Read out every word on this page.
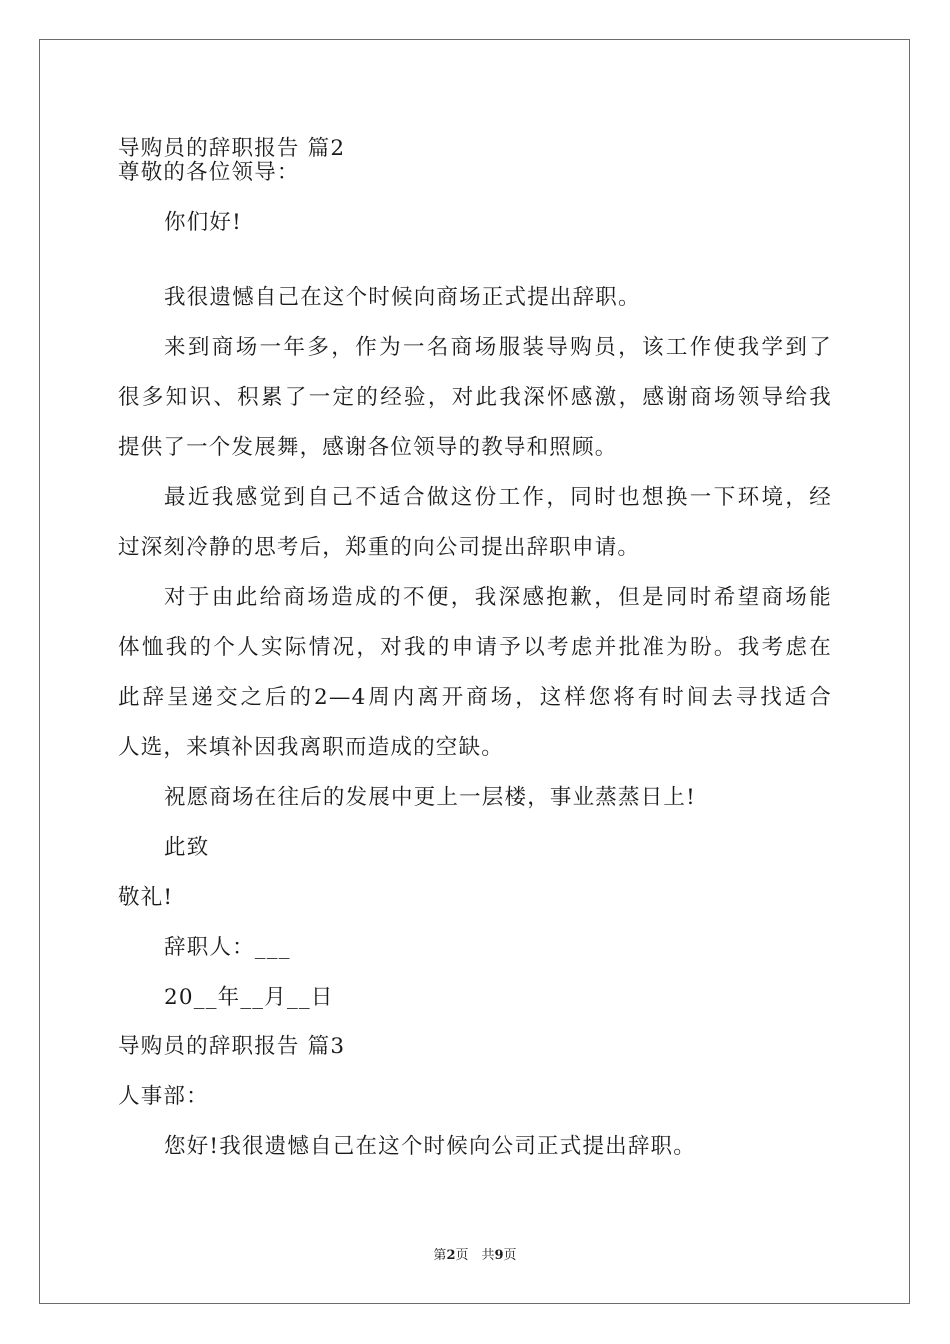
导购员的辞职报告 篇2
尊敬的各位领导：
你们好!
我很遗憾自己在这个时候向商场正式提出辞职。
来到商场一年多，作为一名商场服装导购员，该工作使我学到了
很多知识、积累了一定的经验，对此我深怀感激，感谢商场领导给我
提供了一个发展舞，感谢各位领导的教导和照顾。
最近我感觉到自己不适合做这份工作，同时也想换一下环境，经
过深刻冷静的思考后，郑重的向公司提出辞职申请。
对于由此给商场造成的不便，我深感抱歉，但是同时希望商场能
体恤我的个人实际情况，对我的申请予以考虑并批准为盼。我考虑在
此辞呈递交之后的2—4周内离开商场，这样您将有时间去寻找适合
人选，来填补因我离职而造成的空缺。
祝愿商场在往后的发展中更上一层楼，事业蒸蒸日上!
此致
敬礼!
辞职人：___
20__年__月__日
导购员的辞职报告 篇3
人事部：
您好!我很遗憾自己在这个时候向公司正式提出辞职。
第2页　共9页
